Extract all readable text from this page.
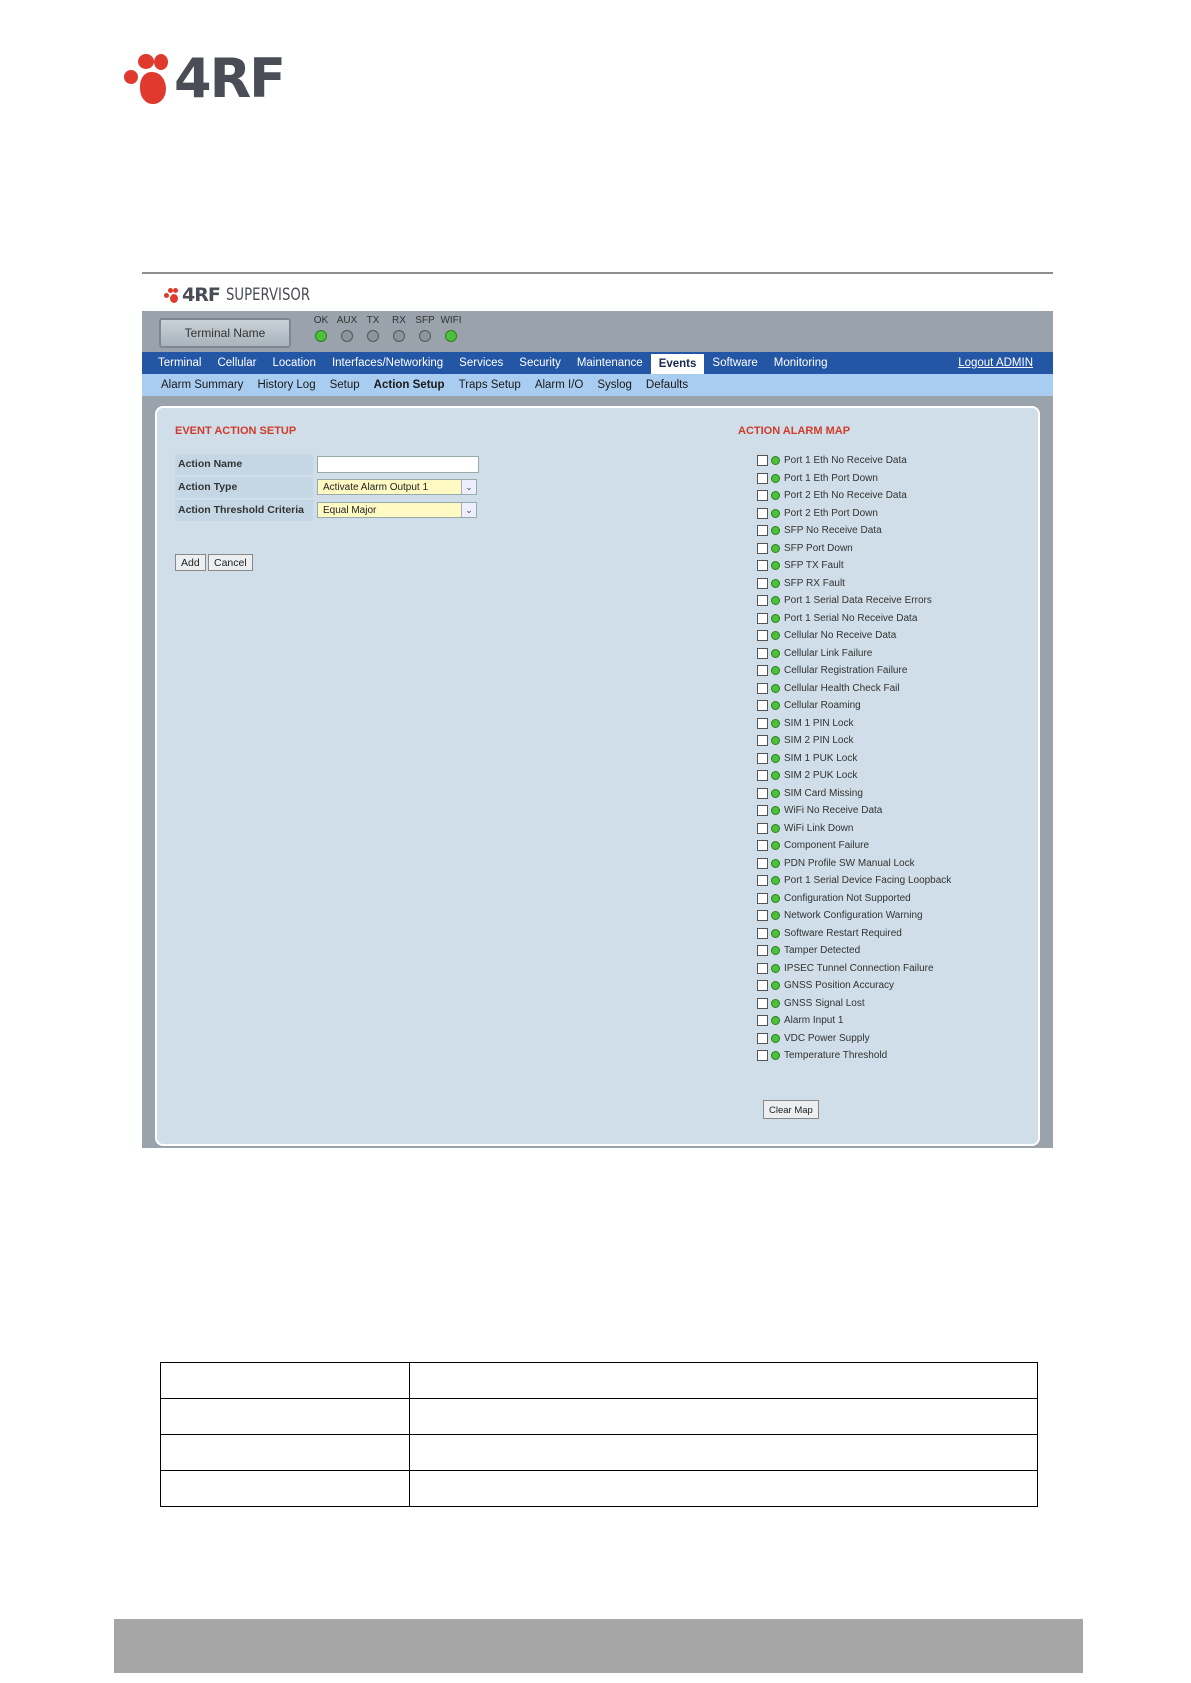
4RF
4RF SUPERVISOR
Terminal Name
OK AUX TX	RX SFP WIFI
Terminal	Cellular	Location	Interfaces/Networking	Services	Security	Maintenance	Events	Software	Monitoring	Logout ADMIN
Alarm Summary	History Log	Setup	Action Setup	Traps Setup	Alarm I/O	Syslog	Defaults
EVENT ACTION SETUP
Action Name
Action Type	Activate Alarm Output 1	⌄
Action Threshold Criteria	Equal Major	⌄
Add	Cancel
ACTION ALARM MAP
Port 1 Eth No Receive Data
Port 1 Eth Port Down
Port 2 Eth No Receive Data
Port 2 Eth Port Down
SFP No Receive Data
SFP Port Down
SFP TX Fault
SFP RX Fault
Port 1 Serial Data Receive Errors
Port 1 Serial No Receive Data
Cellular No Receive Data
Cellular Link Failure
Cellular Registration Failure
Cellular Health Check Fail
Cellular Roaming
SIM 1 PIN Lock
SIM 2 PIN Lock
SIM 1 PUK Lock
SIM 2 PUK Lock
SIM Card Missing
WiFi No Receive Data
WiFi Link Down
Component Failure
PDN Profile SW Manual Lock
Port 1 Serial Device Facing Loopback
Configuration Not Supported
Network Configuration Warning
Software Restart Required
Tamper Detected
IPSEC Tunnel Connection Failure
GNSS Position Accuracy
GNSS Signal Lost
Alarm Input 1
VDC Power Supply
Temperature Threshold
Clear Map
